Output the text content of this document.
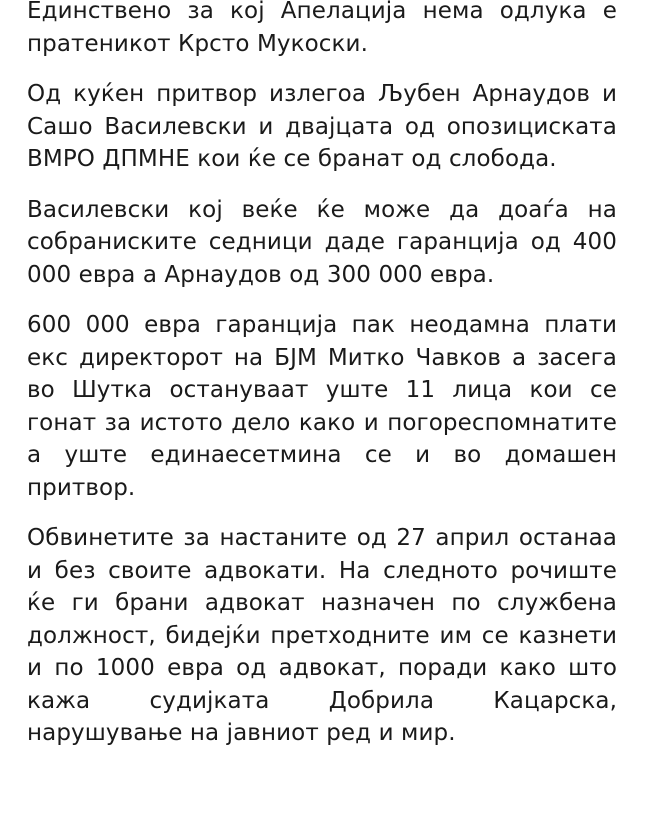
Единствено за кој Апелација нема одлука е пратеникот Крсто Мукоски.

Од куќен притвор излегоа Љубен Арнаудов и Сашо Василевски и двајцата од опозициската ВМРО ДПМНЕ кои ќе се бранат од слобода.

Василевски кој веќе ќе може да доаѓа на собраниските седници даде гаранција од 400 000 евра а Арнаудов од 300 000 евра.

600 000 евра гаранција пак неодамна плати екс директорот на БЈМ Митко Чавков а засега во Шутка остануваат уште 11 лица кои се гонат за истото дело како и погореспомнатите а уште единаесетмина се и во домашен притвор.

Обвинетите за настаните од 27 април останаа и без своите адвокати. На следното рочиште ќе ги брани адвокат назначен по службена должност, бидејќи претходните им се казнети и по 1000 евра од адвокат, поради како што кажа судијката Добрила Кацарска, нарушување на јавниот ред и мир.
